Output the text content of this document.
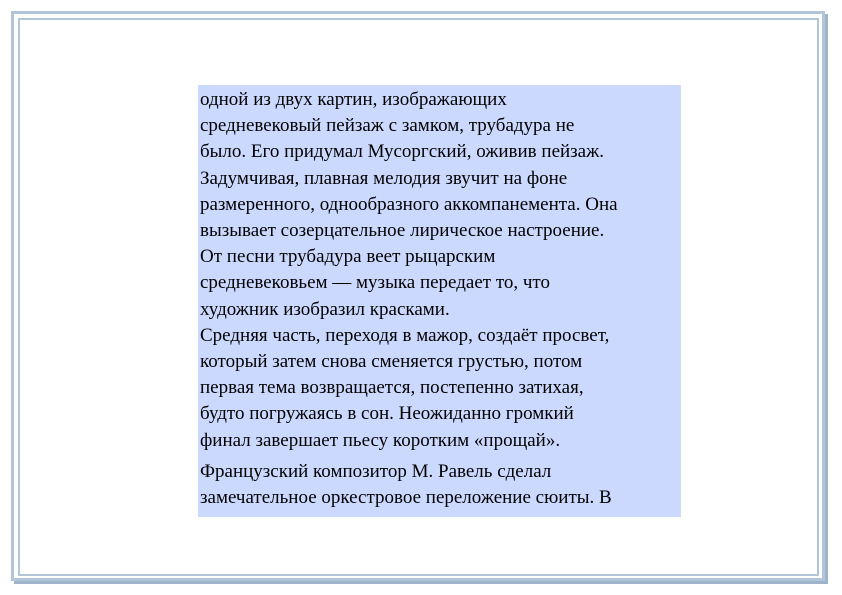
одной из двух картин, изображающих
средневековый пейзаж с замком, трубадура не
было. Его придумал Мусоргский, оживив пейзаж.
Задумчивая, плавная мелодия звучит на фоне
размеренного, однообразного аккомпанемента. Она
вызывает созерцательное лирическое настроение.
От песни трубадура веет рыцарским
средневековьем — музыка передает то, что
художник изобразил красками.

Средняя часть, переходя в мажор, создаёт просвет,
который затем снова сменяется грустью, потом
первая тема возвращается, постепенно затихая,
будто погружаясь в сон. Неожиданно громкий
финал завершает пьесу коротким «прощай».

Французский композитор М. Равель сделал
замечательное оркестровое переложение сюиты. В
